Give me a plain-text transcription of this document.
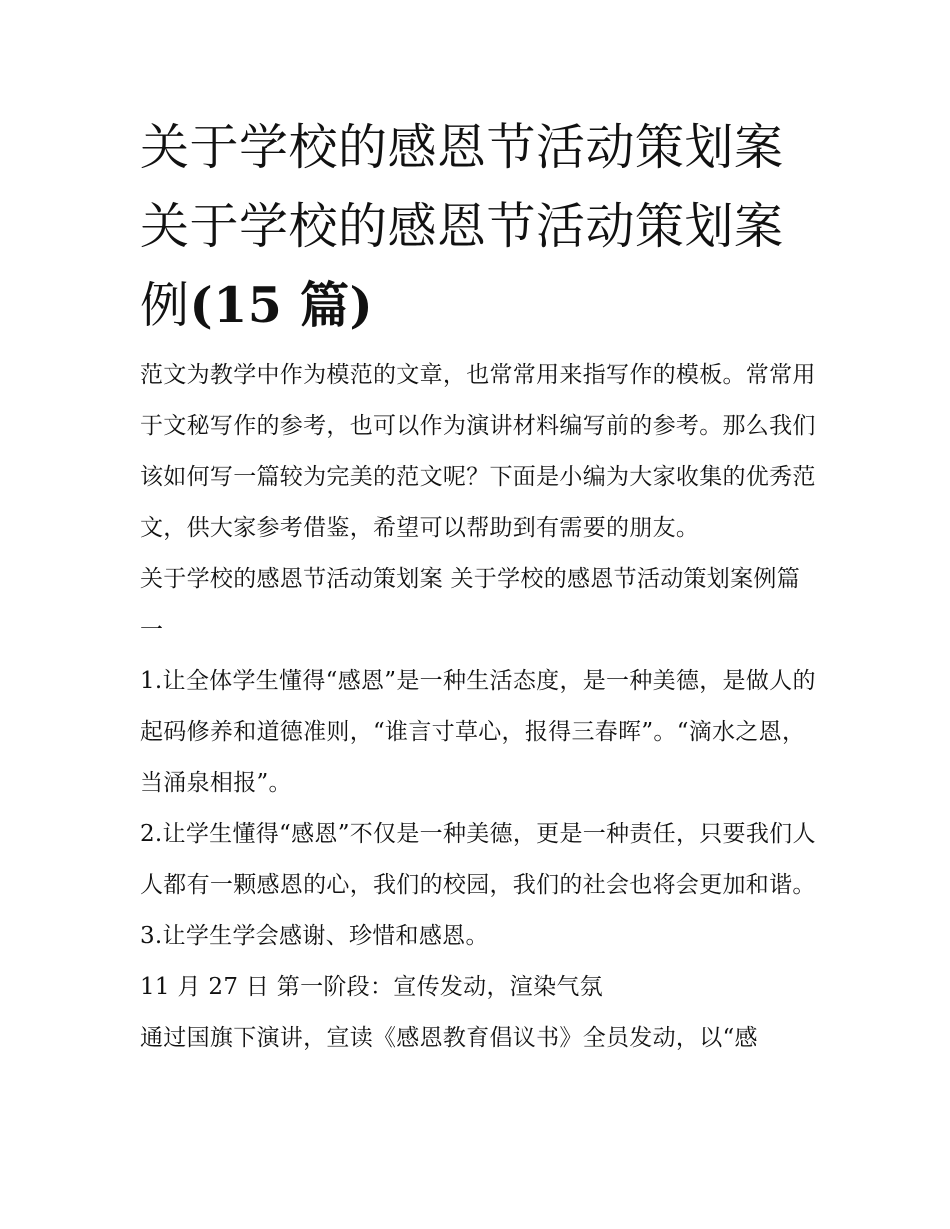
关于学校的感恩节活动策划案
关于学校的感恩节活动策划案
例(15 篇)

范文为教学中作为模范的文章，也常常用来指写作的模板。常常用于文秘写作的参考，也可以作为演讲材料编写前的参考。那么我们该如何写一篇较为完美的范文呢？下面是小编为大家收集的优秀范文，供大家参考借鉴，希望可以帮助到有需要的朋友。

关于学校的感恩节活动策划案 关于学校的感恩节活动策划案例篇一

1.让全体学生懂得“感恩”是一种生活态度，是一种美德，是做人的起码修养和道德准则，“谁言寸草心，报得三春晖”。“滴水之恩，当涌泉相报”。

2.让学生懂得“感恩”不仅是一种美德，更是一种责任，只要我们人人都有一颗感恩的心，我们的校园，我们的社会也将会更加和谐。 3.让学生学会感谢、珍惜和感恩。

11 月 27 日 第一阶段：宣传发动，渲染气氛

通过国旗下演讲，宣读《感恩教育倡议书》全员发动，以“感
